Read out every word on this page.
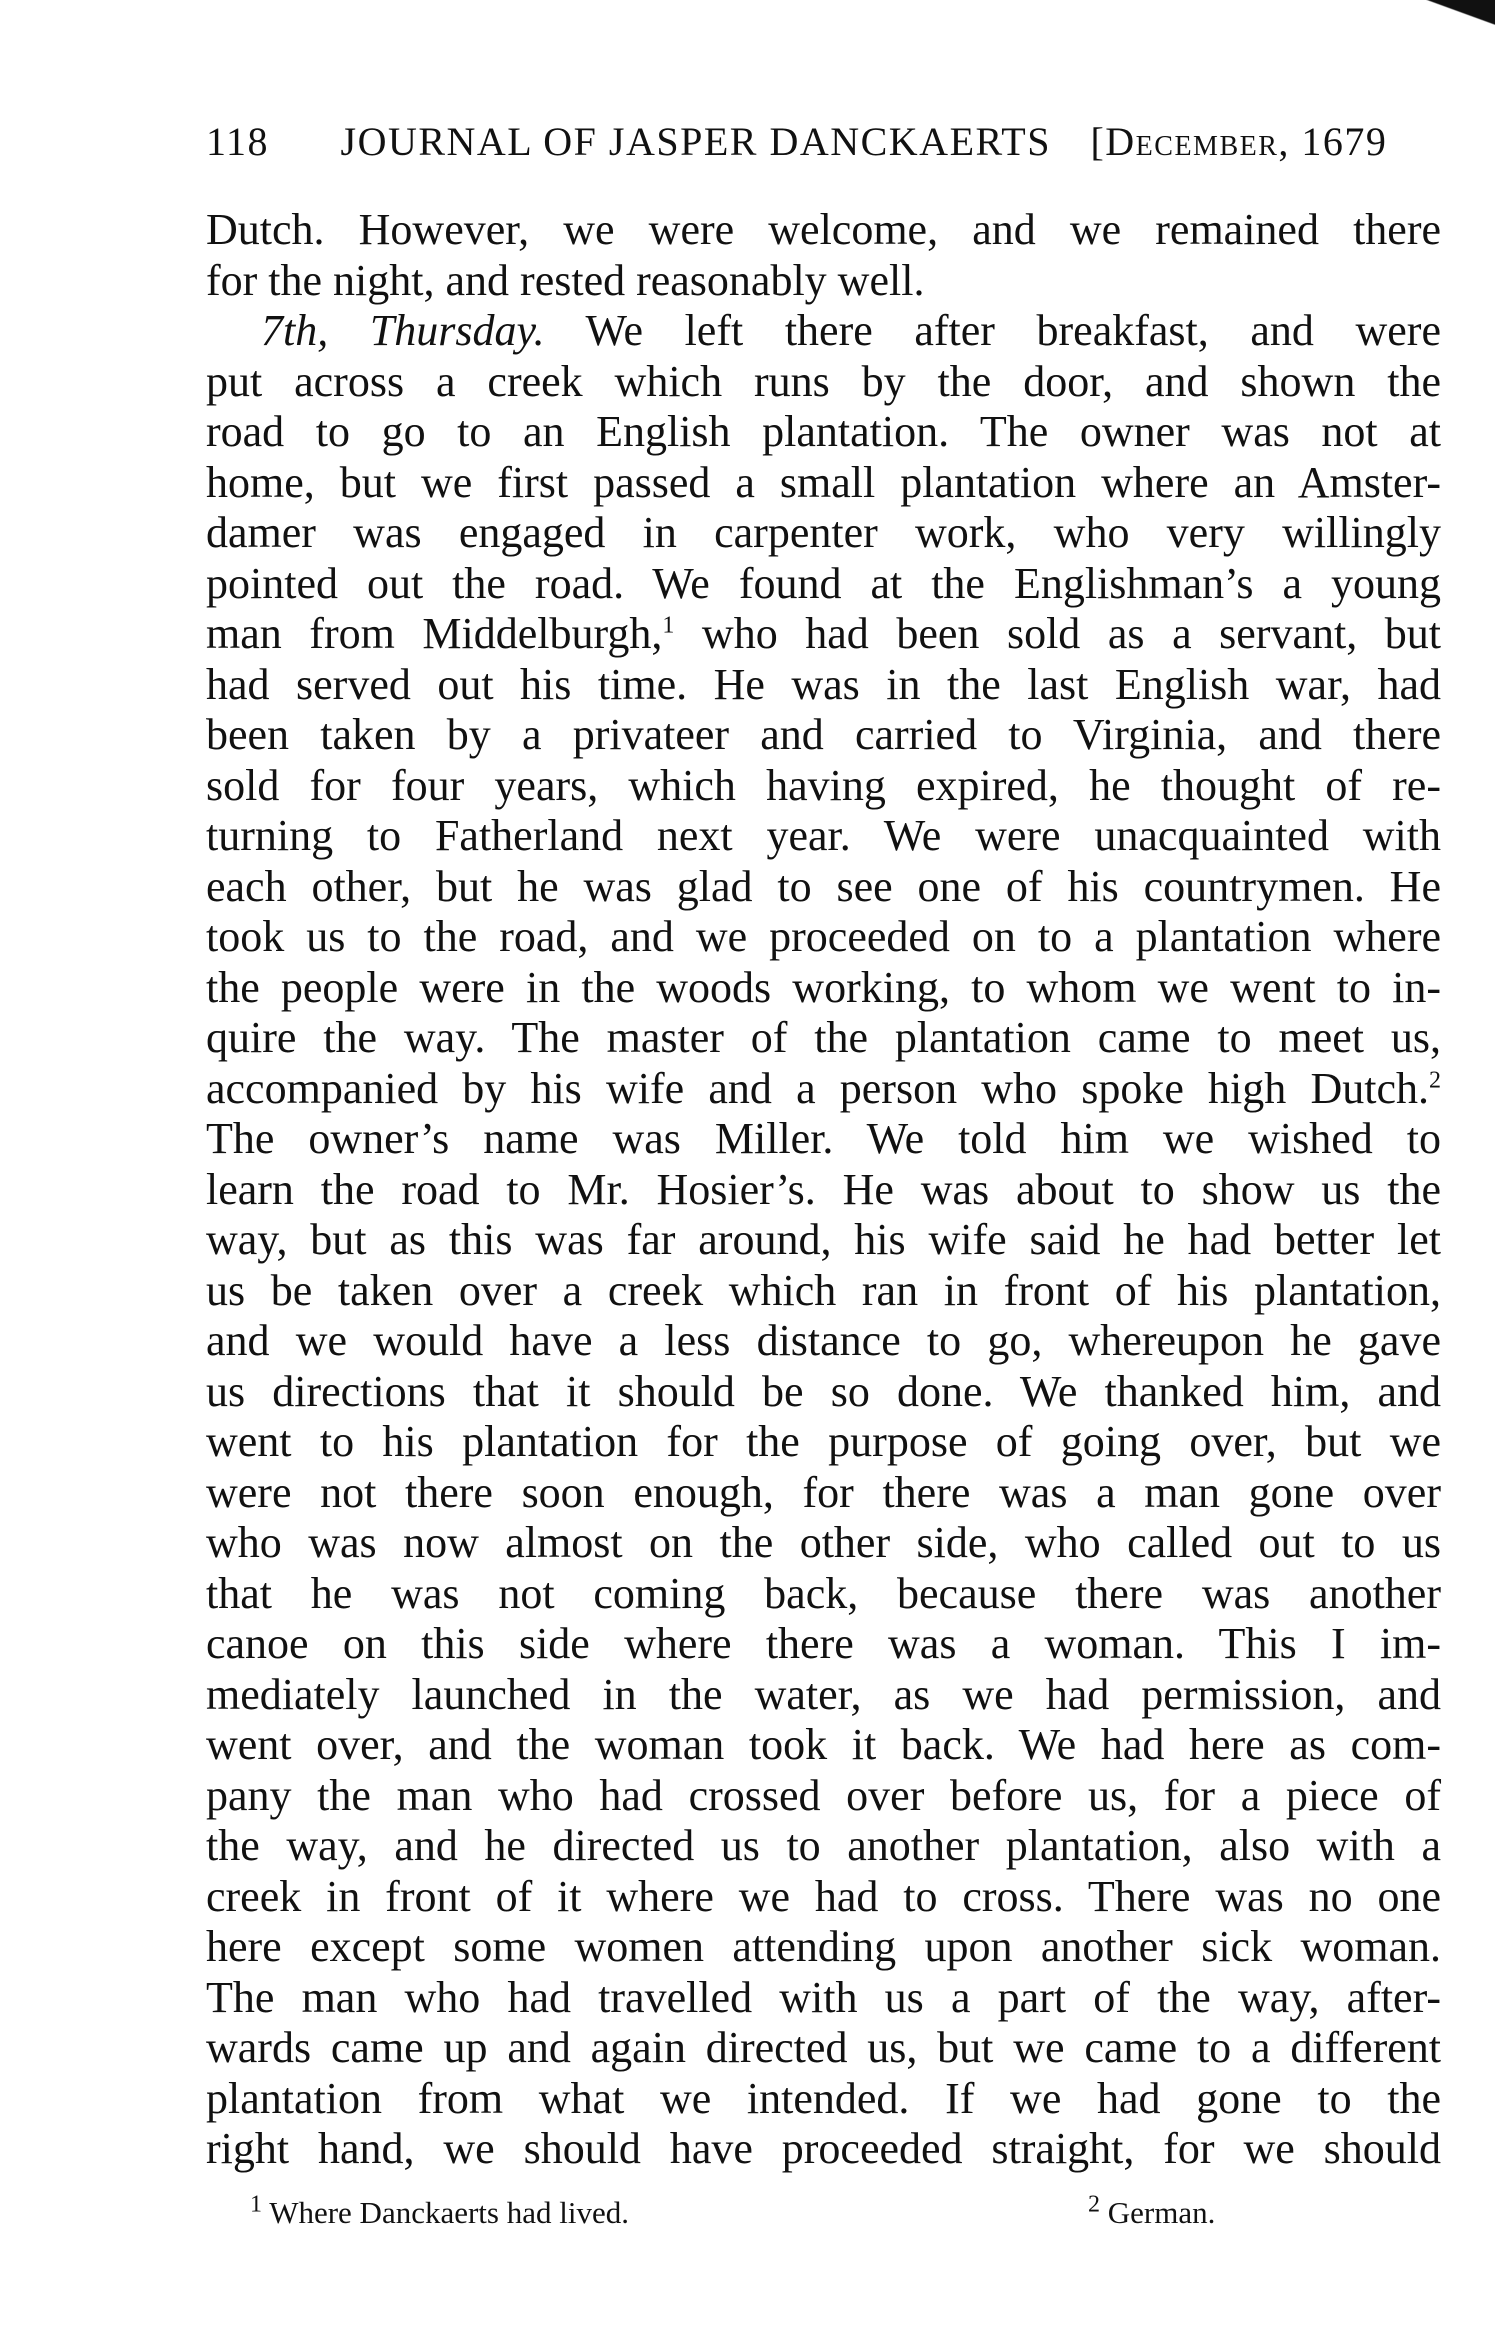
118 JOURNAL OF JASPER DANCKAERTS [December, 1679
Dutch. However, we were welcome, and we remained there
for the night, and rested reasonably well.
7th, Thursday. We left there after breakfast, and were
put across a creek which runs by the door, and shown the
road to go to an English plantation. The owner was not at
home, but we first passed a small plantation where an Amster-
damer was engaged in carpenter work, who very willingly
pointed out the road. We found at the Englishman’s a young
man from Middelburgh,$^1$ who had been sold as a servant, but
had served out his time. He was in the last English war, had
been taken by a privateer and carried to Virginia, and there
sold for four years, which having expired, he thought of re-
turning to Fatherland next year. We were unacquainted with
each other, but he was glad to see one of his countrymen. He
took us to the road, and we proceeded on to a plantation where
the people were in the woods working, to whom we went to in-
quire the way. The master of the plantation came to meet us,
accompanied by his wife and a person who spoke high Dutch.$^2$
The owner’s name was Miller. We told him we wished to
learn the road to Mr. Hosier’s. He was about to show us the
way, but as this was far around, his wife said he had better let
us be taken over a creek which ran in front of his plantation,
and we would have a less distance to go, whereupon he gave
us directions that it should be so done. We thanked him, and
went to his plantation for the purpose of going over, but we
were not there soon enough, for there was a man gone over
who was now almost on the other side, who called out to us
that he was not coming back, because there was another
canoe on this side where there was a woman. This I im-
mediately launched in the water, as we had permission, and
went over, and the woman took it back. We had here as com-
pany the man who had crossed over before us, for a piece of
the way, and he directed us to another plantation, also with a
creek in front of it where we had to cross. There was no one
here except some women attending upon another sick woman.
The man who had travelled with us a part of the way, after-
wards came up and again directed us, but we came to a different
plantation from what we intended. If we had gone to the
right hand, we should have proceeded straight, for we should
$^1$ Where Danckaerts had lived.	$^2$ German.
